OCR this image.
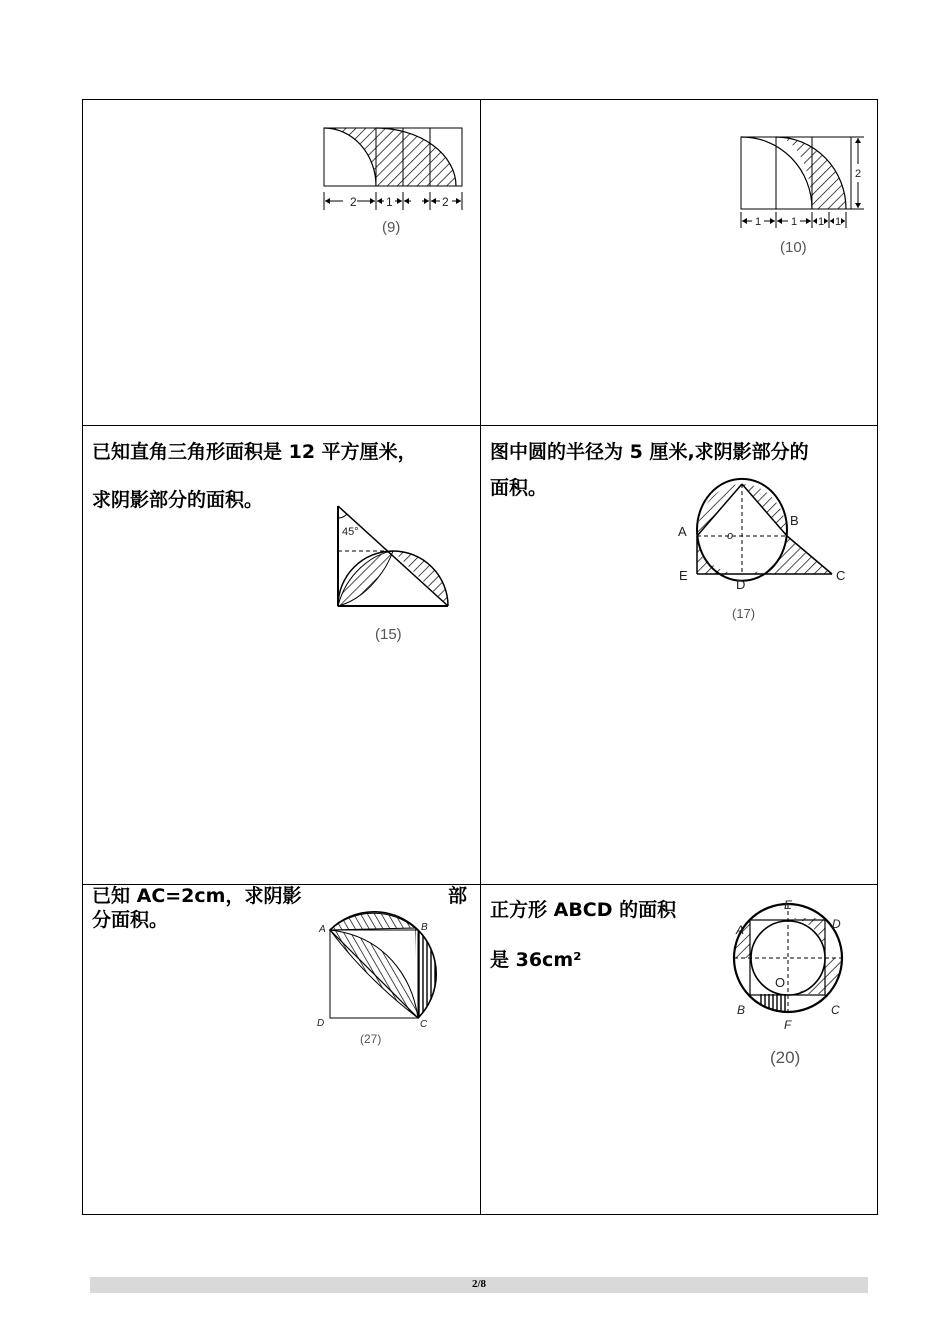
2 1	2
(9)
2
1	1 1 1
(10)
已知直角三角形面积是 12 平方厘米，
求阴影部分的面积。
45°
(15)
图中圆的半径为 5 厘米,求阴影部分的
面积。
A
B
C
D
E
o
(17)
已知 AC=2cm，求阴影	部
分面积。	A	B
C
D
(27)
正方形 ABCD 的面积
是 36cm²
E
F
A	D
B	C
O
(20)
2/8
